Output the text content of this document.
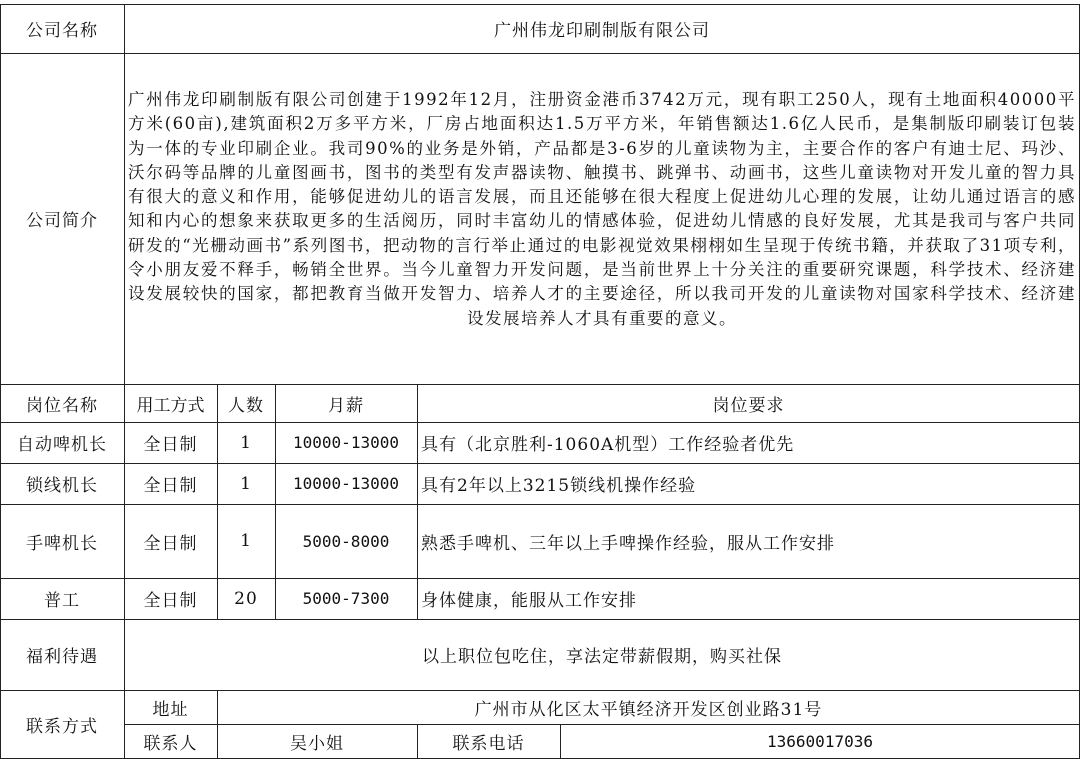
公司名称	广州伟龙印刷制版有限公司
公司简介
广州伟龙印刷制版有限公司创建于1992年12月，注册资金港币3742万元，现有职工250人，现有土地面积40000平方米(60亩),建筑面积2万多平方米，厂房占地面积达1.5万平方米，年销售额达1.6亿人民币，是集制版印刷装订包装为一体的专业印刷企业。我司90%的业务是外销，产品都是3-6岁的儿童读物为主，主要合作的客户有迪士尼、玛沙、沃尔码等品牌的儿童图画书，图书的类型有发声器读物、触摸书、跳弹书、动画书，这些儿童读物对开发儿童的智力具有很大的意义和作用，能够促进幼儿的语言发展，而且还能够在很大程度上促进幼儿心理的发展，让幼儿通过语言的感知和内心的想象来获取更多的生活阅历，同时丰富幼儿的情感体验，促进幼儿情感的良好发展，尤其是我司与客户共同研发的“光栅动画书”系列图书，把动物的言行举止通过的电影视觉效果栩栩如生呈现于传统书籍，并获取了31项专利，令小朋友爱不释手，畅销全世界。当今儿童智力开发问题，是当前世界上十分关注的重要研究课题，科学技术、经济建设发展较快的国家，都把教育当做开发智力、培养人才的主要途径，所以我司开发的儿童读物对国家科学技术、经济建设发展培养人才具有重要的意义。
岗位名称	用工方式	人数	月薪	岗位要求
自动啤机长	全日制	1	10000-13000	具有（北京胜利-1060A机型）工作经验者优先
锁线机长	全日制	1	10000-13000	具有2年以上3215锁线机操作经验
手啤机长	全日制	1	5000-8000	熟悉手啤机、三年以上手啤操作经验，服从工作安排
普工	全日制	20	5000-7300	身体健康，能服从工作安排
福利待遇	以上职位包吃住，享法定带薪假期，购买社保
联系方式
地址	广州市从化区太平镇经济开发区创业路31号
联系人	吴小姐	联系电话	13660017036
